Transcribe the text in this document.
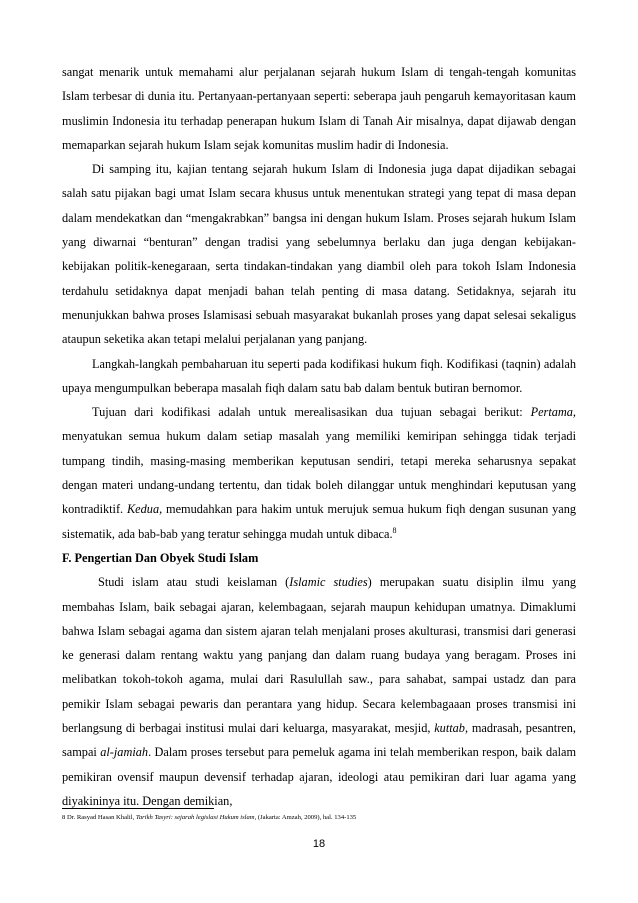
sangat menarik untuk memahami alur perjalanan sejarah hukum Islam di tengah-tengah komunitas Islam terbesar di dunia itu. Pertanyaan-pertanyaan seperti: seberapa jauh pengaruh kemayoritasan kaum muslimin Indonesia itu terhadap penerapan hukum Islam di Tanah Air misalnya, dapat dijawab dengan memaparkan sejarah hukum Islam sejak komunitas muslim hadir di Indonesia.

Di samping itu, kajian tentang sejarah hukum Islam di Indonesia juga dapat dijadikan sebagai salah satu pijakan bagi umat Islam secara khusus untuk menentukan strategi yang tepat di masa depan dalam mendekatkan dan “mengakrabkan” bangsa ini dengan hukum Islam. Proses sejarah hukum Islam yang diwarnai “benturan” dengan tradisi yang sebelumnya berlaku dan juga dengan kebijakan-kebijakan politik-kenegaraan, serta tindakan-tindakan yang diambil oleh para tokoh Islam Indonesia terdahulu setidaknya dapat menjadi bahan telah penting di masa datang. Setidaknya, sejarah itu menunjukkan bahwa proses Islamisasi sebuah masyarakat bukanlah proses yang dapat selesai sekaligus ataupun seketika akan tetapi melalui perjalanan yang panjang.

Langkah-langkah pembaharuan itu seperti pada kodifikasi hukum fiqh. Kodifikasi (taqnin) adalah upaya mengumpulkan beberapa masalah fiqh dalam satu bab dalam bentuk butiran bernomor.

Tujuan dari kodifikasi adalah untuk merealisasikan dua tujuan sebagai berikut: Pertama, menyatukan semua hukum dalam setiap masalah yang memiliki kemiripan sehingga tidak terjadi tumpang tindih, masing-masing memberikan keputusan sendiri, tetapi mereka seharusnya sepakat dengan materi undang-undang tertentu, dan tidak boleh dilanggar untuk menghindari keputusan yang kontradiktif. Kedua, memudahkan para hakim untuk merujuk semua hukum fiqh dengan susunan yang sistematik, ada bab-bab yang teratur sehingga mudah untuk dibaca.$^8$

F. Pengertian Dan Obyek Studi Islam

Studi islam atau studi keislaman (Islamic studies) merupakan suatu disiplin ilmu yang membahas Islam, baik sebagai ajaran, kelembagaan, sejarah maupun kehidupan umatnya. Dimaklumi bahwa Islam sebagai agama dan sistem ajaran telah menjalani proses akulturasi, transmisi dari generasi ke generasi dalam rentang waktu yang panjang dan dalam ruang budaya yang beragam. Proses ini melibatkan tokoh-tokoh agama, mulai dari Rasulullah saw., para sahabat, sampai ustadz dan para pemikir Islam sebagai pewaris dan perantara yang hidup. Secara kelembagaaan proses transmisi ini berlangsung di berbagai institusi mulai dari keluarga, masyarakat, mesjid, kuttab, madrasah, pesantren, sampai al-jamiah. Dalam proses tersebut para pemeluk agama ini telah memberikan respon, baik dalam pemikiran ovensif maupun devensif terhadap ajaran, ideologi atau pemikiran dari luar agama yang diyakininya itu. Dengan demikian,

8 Dr. Rasyad Hasan Khalil, Tarikh Tasyri: sejarah legislasi Hukum islam, (Jakarta: Amzah, 2009), hal. 134-135
18
